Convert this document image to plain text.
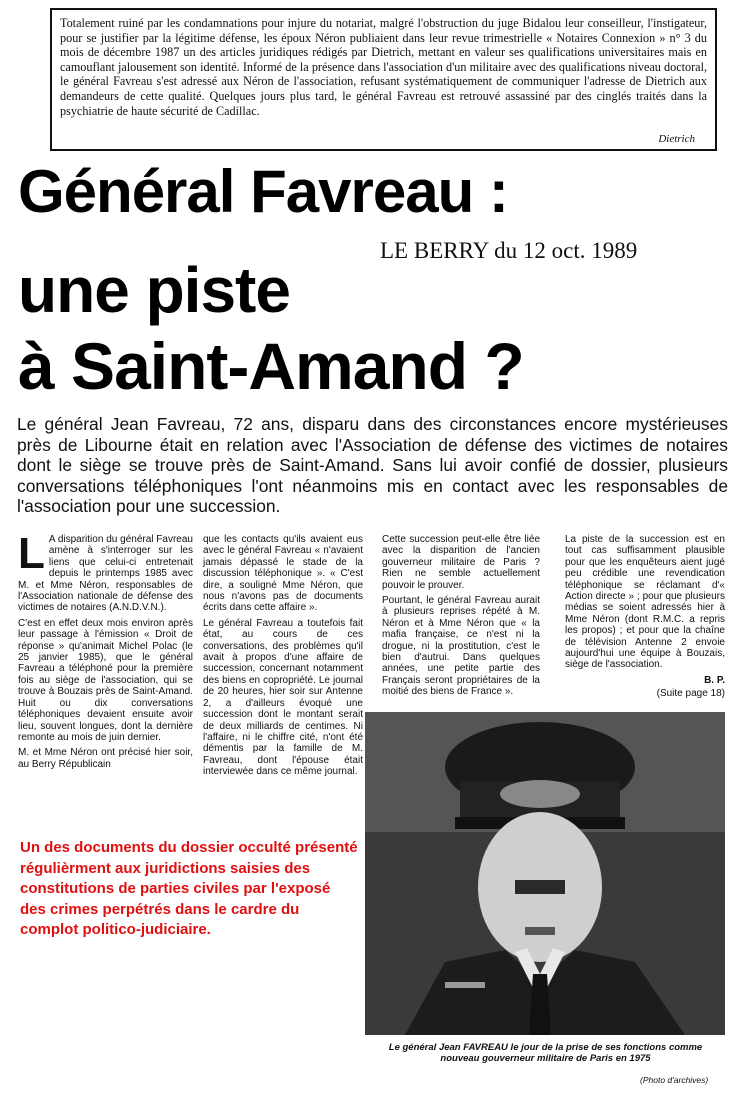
Totalement ruiné par les condamnations pour injure du notariat, malgré l'obstruction du juge Bidalou leur conseilleur, l'instigateur, pour se justifier par la légitime défense, les époux Néron publiaient dans leur revue trimestrielle « Notaires Connexion » n° 3 du mois de décembre 1987 un des articles juridiques rédigés par Dietrich, mettant en valeur ses qualifications universitaires mais en camouflant jalousement son identité. Informé de la présence dans l'association d'un militaire avec des qualifications niveau doctoral, le général Favreau s'est adressé aux Néron de l'association, refusant systématiquement de communiquer l'adresse de Dietrich aux demandeurs de cette qualité. Quelques jours plus tard, le général Favreau est retrouvé assassiné par des cinglés traités dans la psychiatrie de haute sécurité de Cadillac.
Dietrich
Général Favreau :
LE BERRY du 12 oct. 1989
une piste
à Saint-Amand ?
Le général Jean Favreau, 72 ans, disparu dans des circonstances encore mystérieuses près de Libourne était en relation avec l'Association de défense des victimes de notaires dont le siège se trouve près de Saint-Amand. Sans lui avoir confié de dossier, plusieurs conversations téléphoniques l'ont néanmoins mis en contact avec les responsables de l'association pour une succession.
L A disparition du général Favreau amène à s'interroger sur les liens que celui-ci entretenait depuis le printemps 1985 avec M. et Mme Néron, responsables de l'Association nationale de défense des victimes de notaires (A.N.D.V.N.).

C'est en effet deux mois environ après leur passage à l'émission « Droit de réponse » qu'animait Michel Polac (le 25 janvier 1985), que le général Favreau a téléphoné pour la première fois au siège de l'association, qui se trouve à Bouzais près de Saint-Amand. Huit ou dix conversations téléphoniques devaient ensuite avoir lieu, souvent longues, dont la dernière remonte au mois de juin dernier.

M. et Mme Néron ont précisé hier soir, au Berry Républicain

que les contacts qu'ils avaient eus avec le général Favreau « n'avaient jamais dépassé le stade de la discussion téléphonique ». « C'est dire, a souligné Mme Néron, que nous n'avons pas de documents écrits dans cette affaire ».

Le général Favreau a toutefois fait état, au cours de ces conversations, des problèmes qu'il avait à propos d'une affaire de succession, concernant notamment des biens en copropriété. Le journal de 20 heures, hier soir sur Antenne 2, a d'ailleurs évoqué une succession dont le montant serait de deux milliards de centimes. Ni l'affaire, ni le chiffre cité, n'ont été démentis par la famille de M. Favreau, dont l'épouse était interviewée dans ce même journal.

Cette succession peut-elle être liée avec la disparition de l'ancien gouverneur militaire de Paris ? Rien ne semble actuellement pouvoir le prouver.

Pourtant, le général Favreau aurait à plusieurs reprises répété à M. Néron et à Mme Néron que « la mafia française, ce n'est ni la drogue, ni la prostitution, c'est le bien d'autrui. Dans quelques années, une petite partie des Français seront propriétaires de la moitié des biens de France ».

La piste de la succession est en tout cas suffisamment plausible pour que les enquêteurs aient jugé peu crédible une revendication téléphonique se réclamant d'« Action directe » ; pour que plusieurs médias se soient adressés hier à Mme Néron (dont R.M.C. a repris les propos) ; et pour que la chaîne de télévision Antenne 2 envoie aujourd'hui une équipe à Bouzais, siège de l'association.

B. P.
(Suite page 18)
Le général Jean FAVREAU le jour de la prise de ses fonctions comme nouveau gouverneur militaire de Paris en 1975
(Photo d'archives)
Un des documents du dossier occulté présenté régulièrment aux juridictions saisies des constitutions de parties civiles par l'exposé des crimes perpétrés dans le cardre du complot politico-judiciaire.
